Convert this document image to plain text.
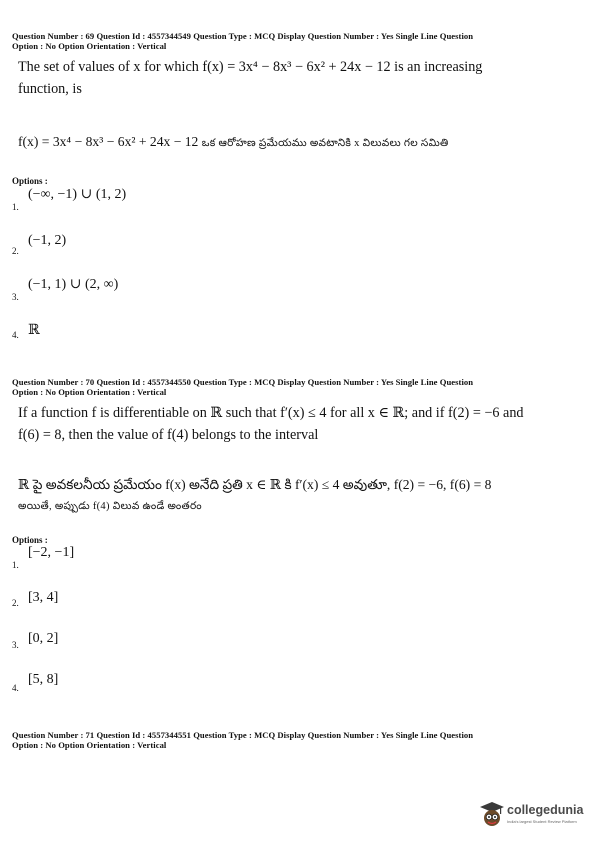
Question Number : 69 Question Id : 4557344549 Question Type : MCQ Display Question Number : Yes Single Line Question
Option : No Option Orientation : Vertical
The set of values of x for which f(x) = 3x⁴ − 8x³ − 6x² + 24x − 12 is an increasing
function, is
f(x) = 3x⁴ − 8x³ − 6x² + 24x − 12 ఒక ఆరోహణ ప్రమేయము అవటానికి x విలువలు గల సమితి
Options :
1.
(−∞, −1) ∪ (1, 2)
2.
(−1, 2)
3.
(−1, 1) ∪ (2, ∞)
4. ℝ
Question Number : 70 Question Id : 4557344550 Question Type : MCQ Display Question Number : Yes Single Line Question
Option : No Option Orientation : Vertical
If a function f is differentiable on ℝ such that f′(x) ≤ 4 for all x ∈ ℝ; and if f(2) = −6 and
f(6) = 8, then the value of f(4) belongs to the interval
ℝ పై అవకలనీయ ప్రమేయం f(x) అనేది ప్రతి x ∈ ℝ కి f′(x) ≤ 4 అవుతూ, f(2) = −6, f(6) = 8
అయితే, అప్పుడు f(4) విలువ ఉండే అంతరం
Options :
1.
[−2, −1]
2. [3, 4]
3. [0, 2]
4.
[5, 8]
Question Number : 71 Question Id : 4557344551 Question Type : MCQ Display Question Number : Yes Single Line Question
Option : No Option Orientation : Vertical
collegedunia
India's largest Student Review Platform
